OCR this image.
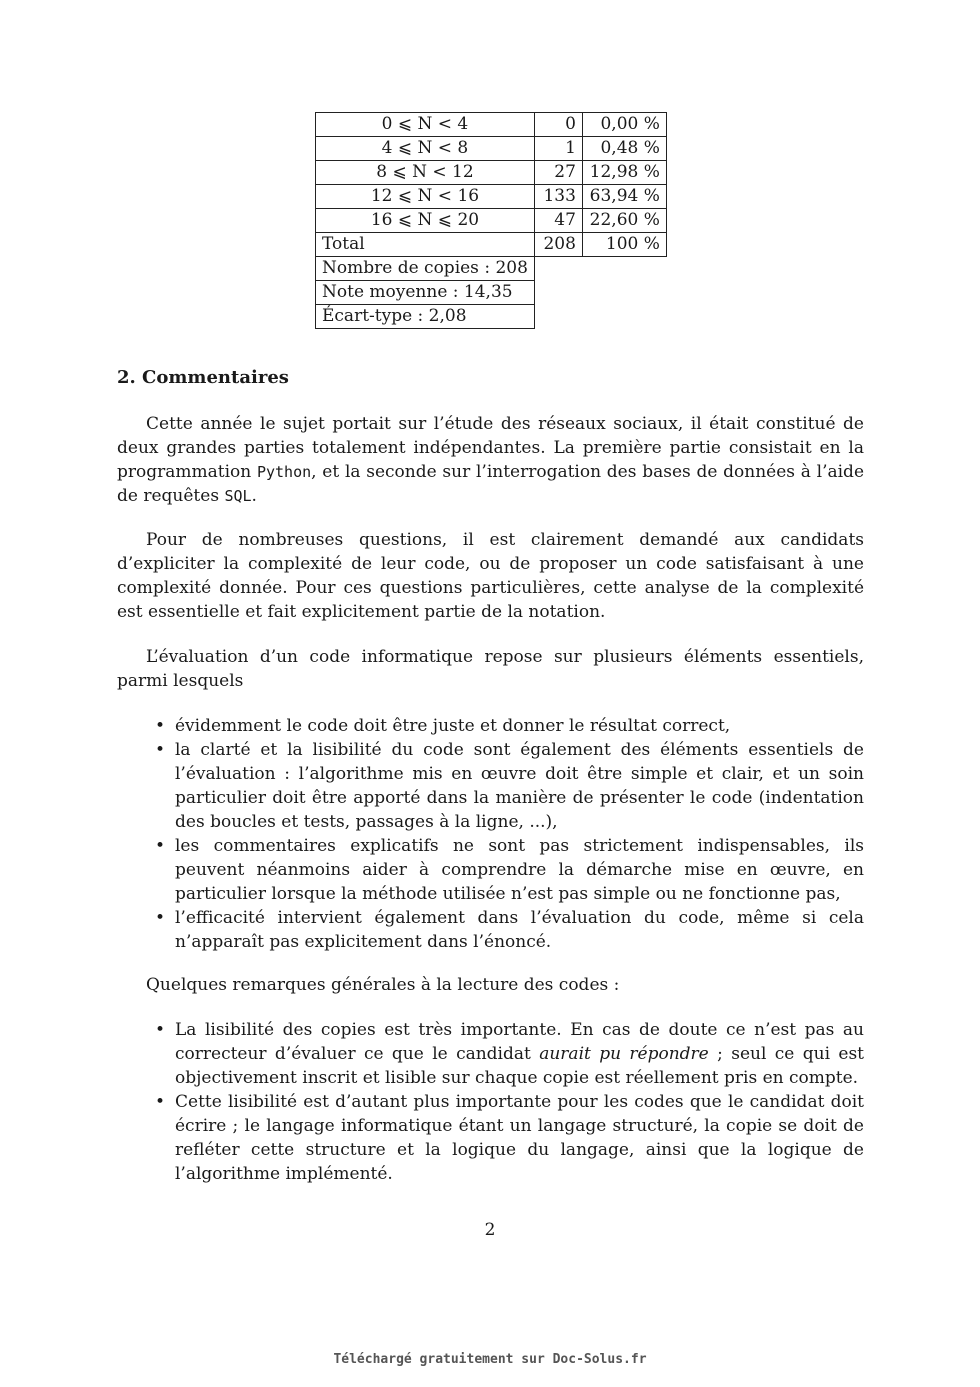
0 ⩽ N < 4	0	0,00 %
4 ⩽ N < 8	1	0,48 %
8 ⩽ N < 12	27	12,98 %
12 ⩽ N < 16	133	63,94 %
16 ⩽ N ⩽ 20	47	22,60 %
Total	208	100 %
Nombre de copies : 208		
Note moyenne : 14,35		
Écart-type : 2,08		
2. Commentaires

Cette année le sujet portait sur l’étude des réseaux sociaux, il était constitué de deux grandes parties totalement indépendantes. La première partie consistait en la programmation Python, et la seconde sur l’interrogation des bases de données à l’aide de requêtes SQL.

Pour de nombreuses questions, il est clairement demandé aux candidats d’expliciter la complexité de leur code, ou de proposer un code satisfaisant à une complexité donnée. Pour ces questions particulières, cette analyse de la complexité est essentielle et fait explicitement partie de la notation.

L’évaluation d’un code informatique repose sur plusieurs éléments essentiels, parmi lesquels

• évidemment le code doit être juste et donner le résultat correct,
• la clarté et la lisibilité du code sont également des éléments essentiels de l’évaluation : l’algorithme mis en œuvre doit être simple et clair, et un soin particulier doit être apporté dans la manière de présenter le code (indentation des boucles et tests, passages à la ligne, ...),
• les commentaires explicatifs ne sont pas strictement indispensables, ils peuvent néanmoins aider à comprendre la démarche mise en œuvre, en particulier lorsque la méthode utilisée n’est pas simple ou ne fonctionne pas,
• l’efficacité intervient également dans l’évaluation du code, même si cela n’apparaît pas explicitement dans l’énoncé.

Quelques remarques générales à la lecture des codes :

• La lisibilité des copies est très importante. En cas de doute ce n’est pas au correcteur d’évaluer ce que le candidat aurait pu répondre ; seul ce qui est objectivement inscrit et lisible sur chaque copie est réellement pris en compte.
• Cette lisibilité est d’autant plus importante pour les codes que le candidat doit écrire ; le langage informatique étant un langage structuré, la copie se doit de refléter cette structure et la logique du langage, ainsi que la logique de l’algorithme implémenté.
2
Téléchargé gratuitement sur Doc-Solus.fr
